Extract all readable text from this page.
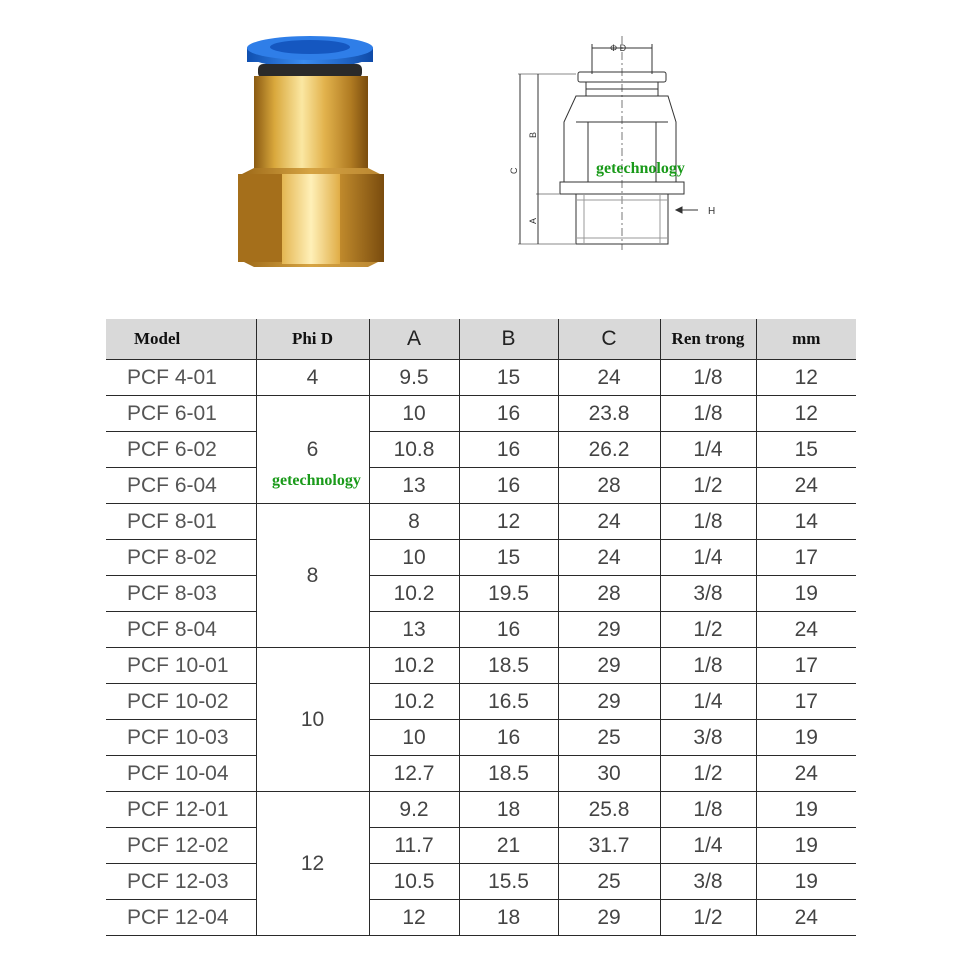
Φ D
H
C
B
A
getechnology
Model	Phi D	A	B	C	Ren trong	mm
PCF 4-01	4	9.5	15	24	1/8	12
PCF 6-01	6	10	16	23.8	1/8	12
PCF 6-02		10.8	16	26.2	1/4	15
PCF 6-04		13	16	28	1/2	24
PCF 8-01	8	8	12	24	1/8	14
PCF 8-02		10	15	24	1/4	17
PCF 8-03		10.2	19.5	28	3/8	19
PCF 8-04		13	16	29	1/2	24
PCF 10-01	10	10.2	18.5	29	1/8	17
PCF 10-02		10.2	16.5	29	1/4	17
PCF 10-03		10	16	25	3/8	19
PCF 10-04		12.7	18.5	30	1/2	24
PCF 12-01	12	9.2	18	25.8	1/8	19
PCF 12-02		11.7	21	31.7	1/4	19
PCF 12-03		10.5	15.5	25	3/8	19
PCF 12-04		12	18	29	1/2	24
getechnology
